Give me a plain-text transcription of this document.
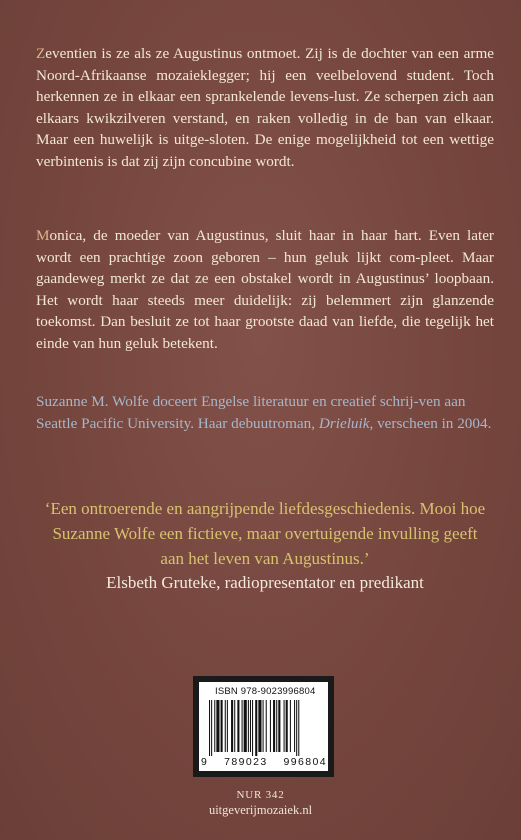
Zeventien is ze als ze Augustinus ontmoet. Zij is de dochter van een arme Noord-Afrikaanse mozaieklegger; hij een veelbelovend student. Toch herkennen ze in elkaar een sprankelende levens-lust. Ze scherpen zich aan elkaars kwikzilveren verstand, en raken volledig in de ban van elkaar. Maar een huwelijk is uitge-sloten. De enige mogelijkheid tot een wettige verbintenis is dat zij zijn concubine wordt.

Monica, de moeder van Augustinus, sluit haar in haar hart. Even later wordt een prachtige zoon geboren – hun geluk lijkt com-pleet. Maar gaandeweg merkt ze dat ze een obstakel wordt in Augustinus’ loopbaan. Het wordt haar steeds meer duidelijk: zij belemmert zijn glanzende toekomst. Dan besluit ze tot haar grootste daad van liefde, die tegelijk het einde van hun geluk betekent.

Suzanne M. Wolfe doceert Engelse literatuur en creatief schrij-ven aan Seattle Pacific University. Haar debuutroman, Drieluik, verscheen in 2004.

‘Een ontroerende en aangrijpende liefdesgeschiedenis. Mooi hoe Suzanne Wolfe een fictieve, maar overtuigende invulling geeft aan het leven van Augustinus.’

Elsbeth Gruteke, radiopresentator en predikant

ISBN 978-9023996804
9 789023 996804
NUR 342
uitgeverijmozaiek.nl
